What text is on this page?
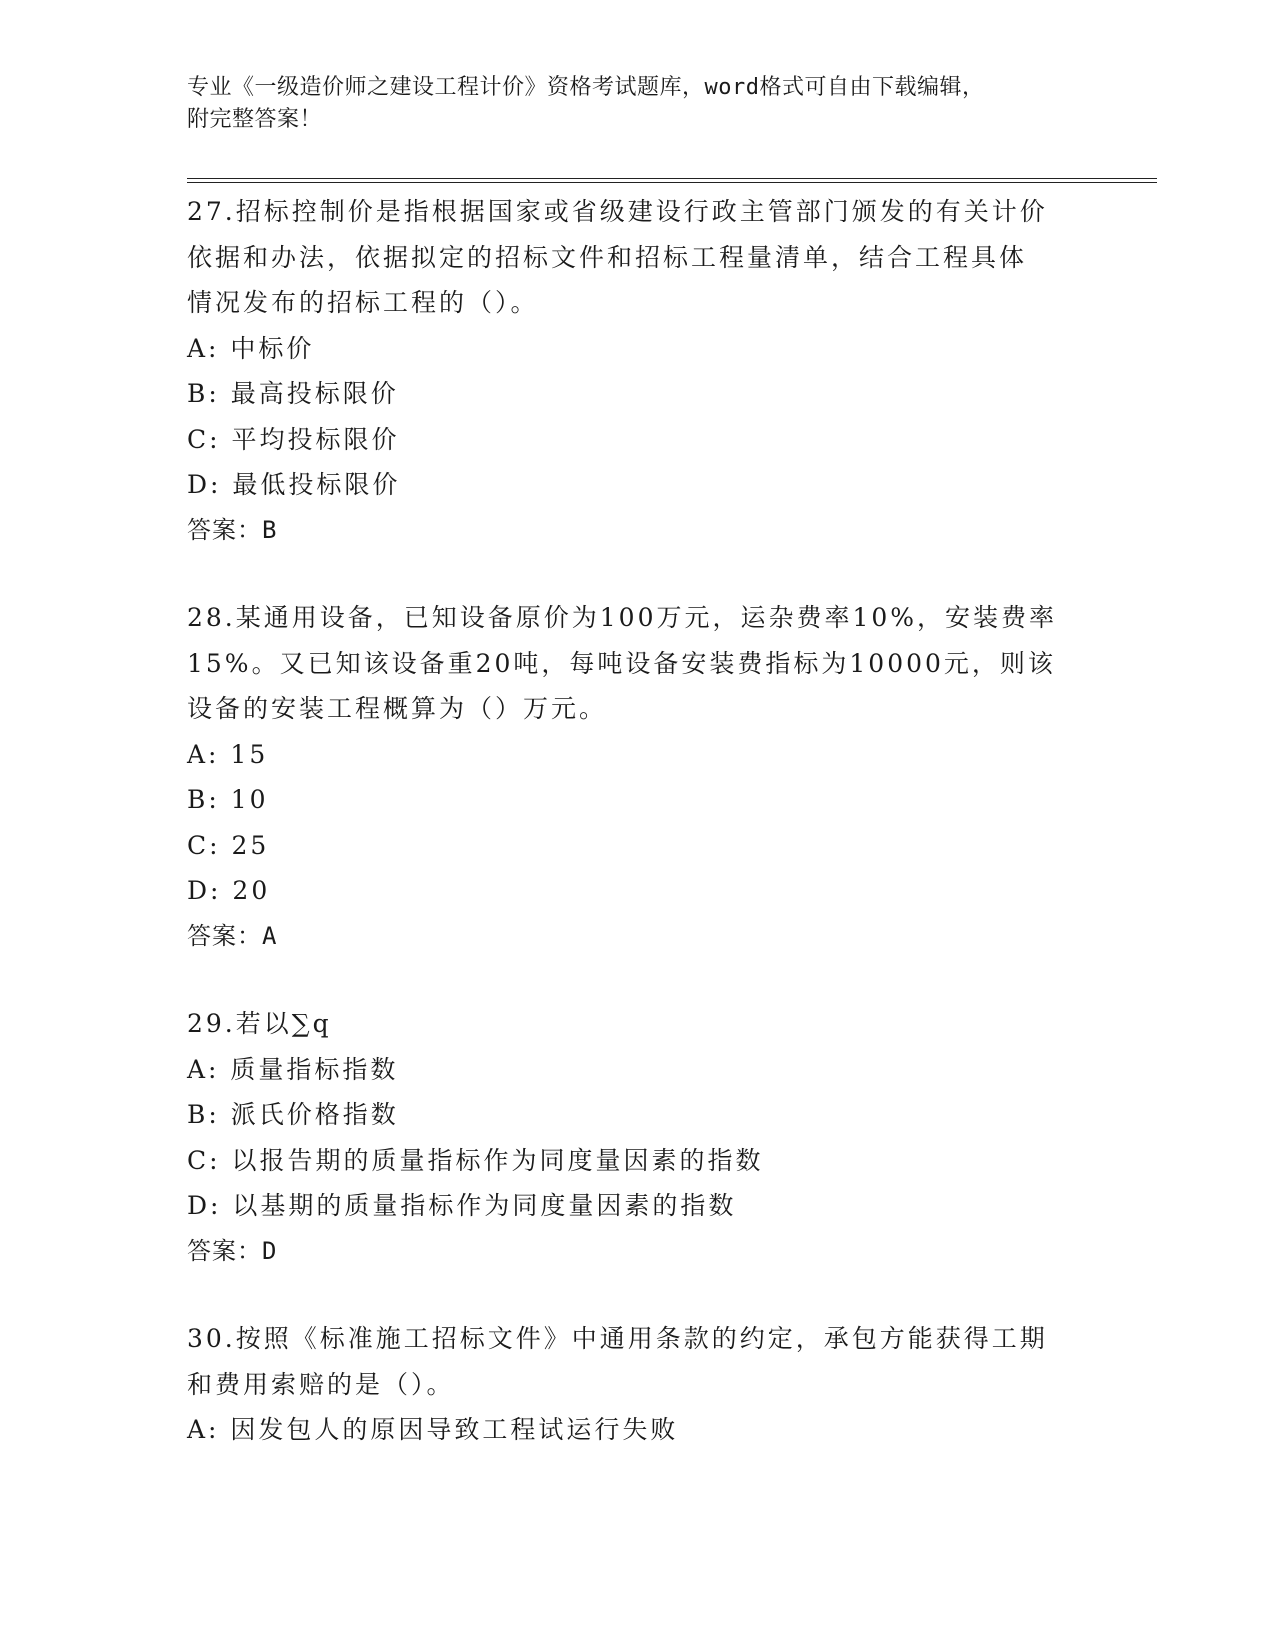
专业《一级造价师之建设工程计价》资格考试题库，word格式可自由下载编辑，
附完整答案！
27.招标控制价是指根据国家或省级建设行政主管部门颁发的有关计价
依据和办法，依据拟定的招标文件和招标工程量清单，结合工程具体
情况发布的招标工程的（）。
A: 中标价
B: 最高投标限价
C: 平均投标限价
D: 最低投标限价
答案：B
28.某通用设备，已知设备原价为100万元，运杂费率10%，安装费率
15%。又已知该设备重20吨，每吨设备安装费指标为10000元，则该
设备的安装工程概算为（）万元。
A: 15
B: 10
C: 25
D: 20
答案：A
29.若以∑q
A: 质量指标指数
B: 派氏价格指数
C: 以报告期的质量指标作为同度量因素的指数
D: 以基期的质量指标作为同度量因素的指数
答案：D
30.按照《标准施工招标文件》中通用条款的约定，承包方能获得工期
和费用索赔的是（）。
A: 因发包人的原因导致工程试运行失败
